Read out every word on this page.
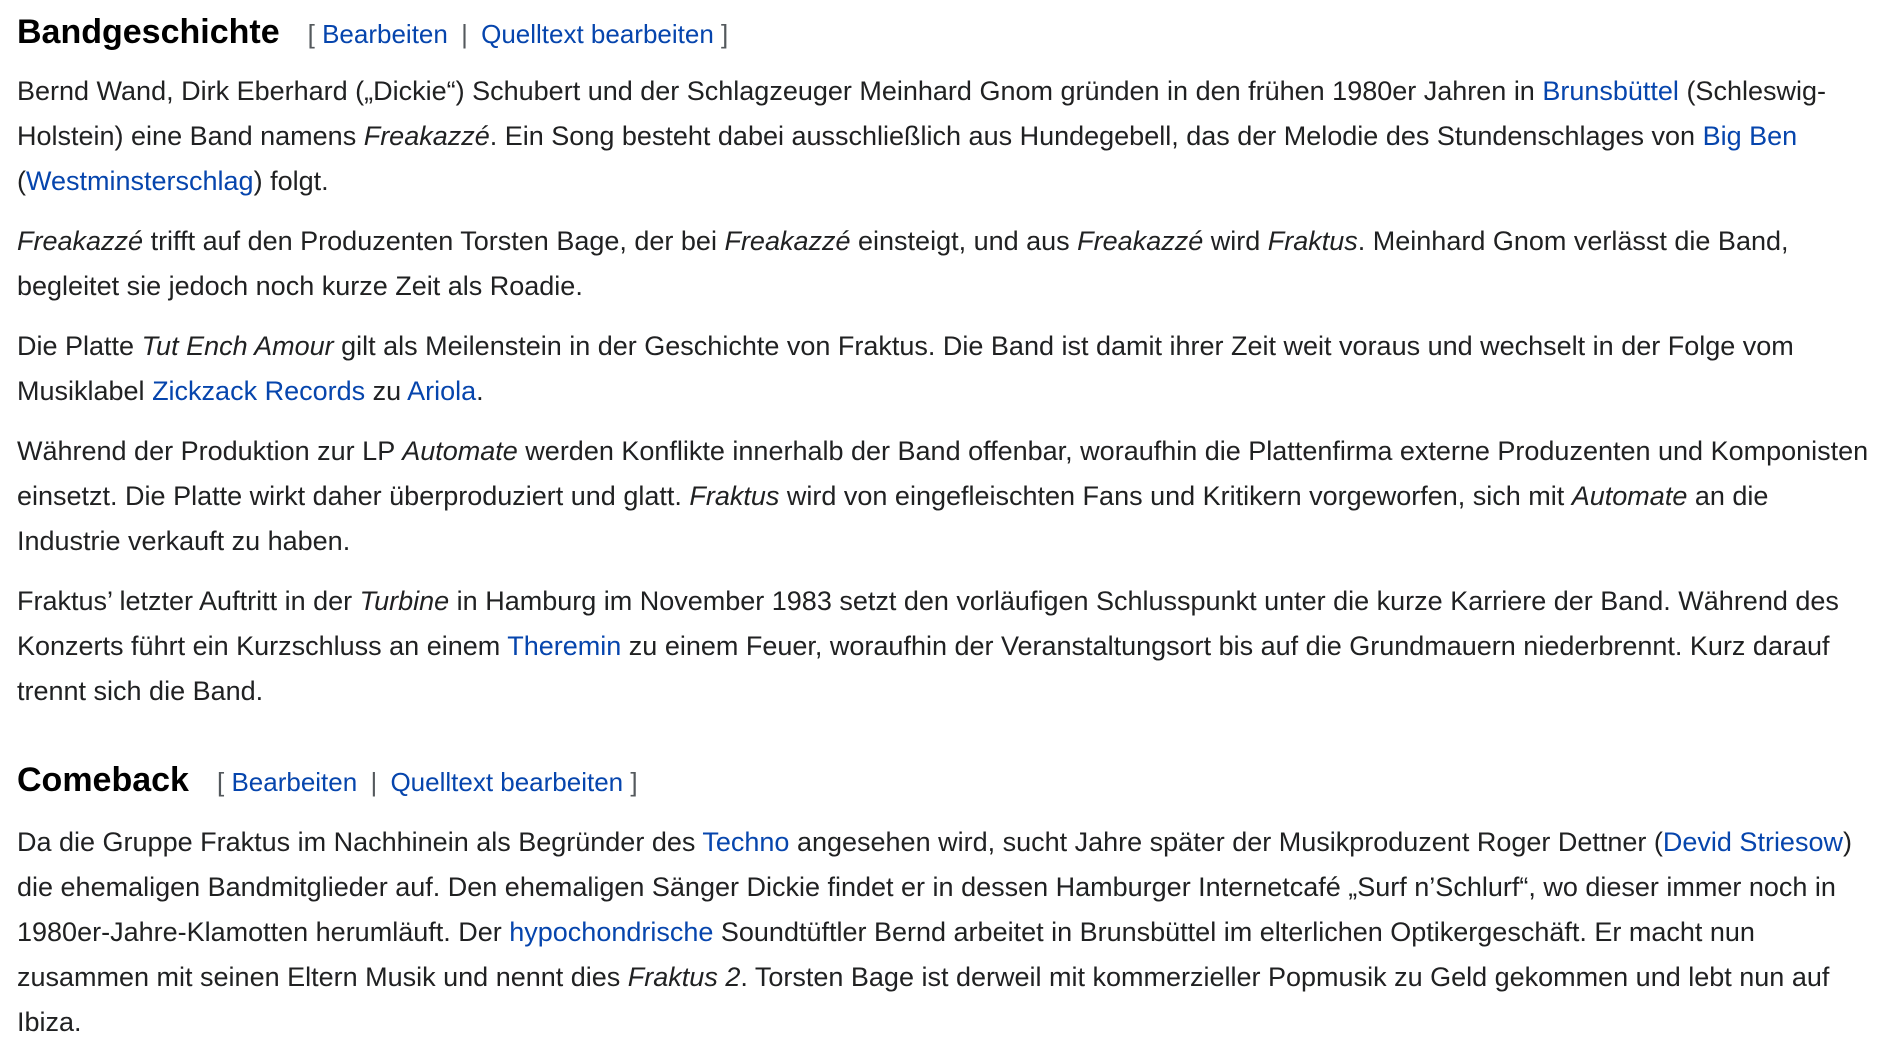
Bandgeschichte [ Bearbeiten | Quelltext bearbeiten ]

Bernd Wand, Dirk Eberhard („Dickie“) Schubert und der Schlagzeuger Meinhard Gnom gründen in den frühen 1980er Jahren in Brunsbüttel (Schleswig-Holstein) eine Band namens Freakazzé. Ein Song besteht dabei ausschließlich aus Hundegebell, das der Melodie des Stundenschlages von Big Ben (Westminsterschlag) folgt.

Freakazzé trifft auf den Produzenten Torsten Bage, der bei Freakazzé einsteigt, und aus Freakazzé wird Fraktus. Meinhard Gnom verlässt die Band, begleitet sie jedoch noch kurze Zeit als Roadie.

Die Platte Tut Ench Amour gilt als Meilenstein in der Geschichte von Fraktus. Die Band ist damit ihrer Zeit weit voraus und wechselt in der Folge vom Musiklabel Zickzack Records zu Ariola.

Während der Produktion zur LP Automate werden Konflikte innerhalb der Band offenbar, woraufhin die Plattenfirma externe Produzenten und Komponisten einsetzt. Die Platte wirkt daher überproduziert und glatt. Fraktus wird von eingefleischten Fans und Kritikern vorgeworfen, sich mit Automate an die Industrie verkauft zu haben.

Fraktus’ letzter Auftritt in der Turbine in Hamburg im November 1983 setzt den vorläufigen Schlusspunkt unter die kurze Karriere der Band. Während des Konzerts führt ein Kurzschluss an einem Theremin zu einem Feuer, woraufhin der Veranstaltungsort bis auf die Grundmauern niederbrennt. Kurz darauf trennt sich die Band.

Comeback [ Bearbeiten | Quelltext bearbeiten ]

Da die Gruppe Fraktus im Nachhinein als Begründer des Techno angesehen wird, sucht Jahre später der Musikproduzent Roger Dettner (Devid Striesow) die ehemaligen Bandmitglieder auf. Den ehemaligen Sänger Dickie findet er in dessen Hamburger Internetcafé „Surf n’Schlurf“, wo dieser immer noch in 1980er-Jahre-Klamotten herumläuft. Der hypochondrische Soundtüftler Bernd arbeitet in Brunsbüttel im elterlichen Optikergeschäft. Er macht nun zusammen mit seinen Eltern Musik und nennt dies Fraktus 2. Torsten Bage ist derweil mit kommerzieller Popmusik zu Geld gekommen und lebt nun auf Ibiza.
